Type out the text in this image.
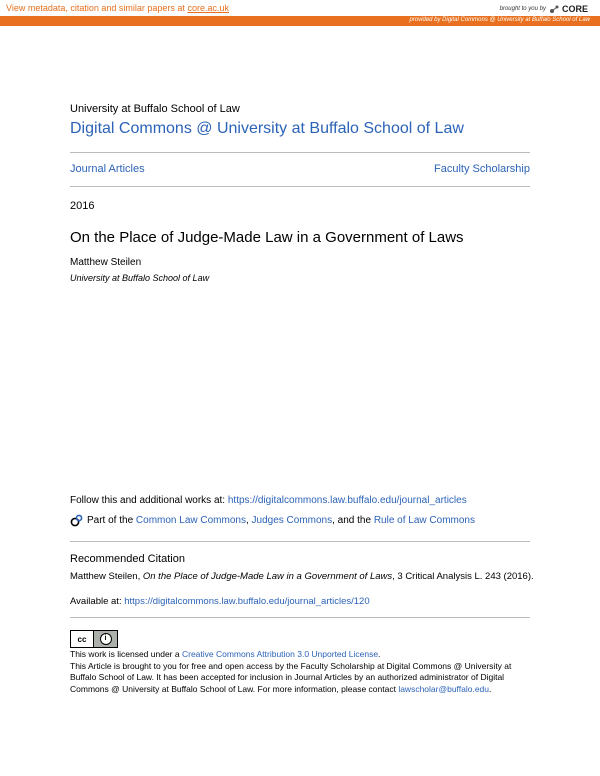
View metadata, citation and similar papers at core.ac.uk	brought to you by CORE
provided by Digital Commons @ University at Buffalo School of Law
University at Buffalo School of Law
Digital Commons @ University at Buffalo School of Law
Journal Articles	Faculty Scholarship
2016
On the Place of Judge-Made Law in a Government of Laws
Matthew Steilen
University at Buffalo School of Law
Follow this and additional works at: https://digitalcommons.law.buffalo.edu/journal_articles
Part of the Common Law Commons, Judges Commons, and the Rule of Law Commons
Recommended Citation
Matthew Steilen, On the Place of Judge-Made Law in a Government of Laws, 3 Critical Analysis L. 243 (2016).
Available at: https://digitalcommons.law.buffalo.edu/journal_articles/120
cc	i
This work is licensed under a Creative Commons Attribution 3.0 Unported License.
This Article is brought to you for free and open access by the Faculty Scholarship at Digital Commons @ University at Buffalo School of Law. It has been accepted for inclusion in Journal Articles by an authorized administrator of Digital Commons @ University at Buffalo School of Law. For more information, please contact lawscholar@buffalo.edu.
